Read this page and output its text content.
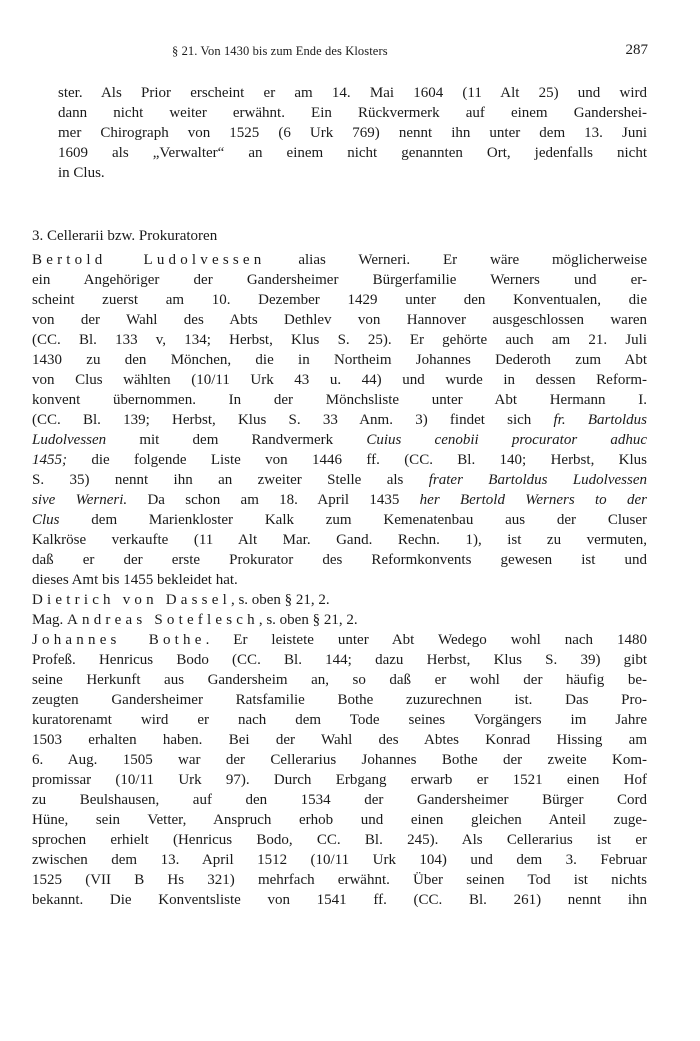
§ 21. Von 1430 bis zum Ende des Klosters	287
ster. Als Prior erscheint er am 14. Mai 1604 (11 Alt 25) und wird
dann nicht weiter erwähnt. Ein Rückvermerk auf einem Gandershei-
mer Chirograph von 1525 (6 Urk 769) nennt ihn unter dem 13. Juni
1609 als „Verwalter“ an einem nicht genannten Ort, jedenfalls nicht
in Clus.
3. Cellerarii bzw. Prokuratoren
Bertold Ludolvessen alias Werneri. Er wäre möglicherweise
ein Angehöriger der Gandersheimer Bürgerfamilie Werners und er-
scheint zuerst am 10. Dezember 1429 unter den Konventualen, die
von der Wahl des Abts Dethlev von Hannover ausgeschlossen waren
(CC. Bl. 133 v, 134; Herbst, Klus S. 25). Er gehörte auch am 21. Juli
1430 zu den Mönchen, die in Northeim Johannes Dederoth zum Abt
von Clus wählten (10/11 Urk 43 u. 44) und wurde in dessen Reform-
konvent übernommen. In der Mönchsliste unter Abt Hermann I.
(CC. Bl. 139; Herbst, Klus S. 33 Anm. 3) findet sich fr. Bartoldus
Ludolvessen mit dem Randvermerk Cuius cenobii procurator adhuc
1455; die folgende Liste von 1446 ff. (CC. Bl. 140; Herbst, Klus
S. 35) nennt ihn an zweiter Stelle als frater Bartoldus Ludolvessen
sive Werneri. Da schon am 18. April 1435 her Bertold Werners to der
Clus dem Marienkloster Kalk zum Kemenatenbau aus der Cluser
Kalkröse verkaufte (11 Alt Mar. Gand. Rechn. 1), ist zu vermuten,
daß er der erste Prokurator des Reformkonvents gewesen ist und
dieses Amt bis 1455 bekleidet hat.
Dietrich von Dassel, s. oben § 21, 2.
Mag. Andreas Soteflesch, s. oben § 21, 2.
Johannes Bothe. Er leistete unter Abt Wedego wohl nach 1480
Profeß. Henricus Bodo (CC. Bl. 144; dazu Herbst, Klus S. 39) gibt
seine Herkunft aus Gandersheim an, so daß er wohl der häufig be-
zeugten Gandersheimer Ratsfamilie Bothe zuzurechnen ist. Das Pro-
kuratorenamt wird er nach dem Tode seines Vorgängers im Jahre
1503 erhalten haben. Bei der Wahl des Abtes Konrad Hissing am
6. Aug. 1505 war der Cellerarius Johannes Bothe der zweite Kom-
promissar (10/11 Urk 97). Durch Erbgang erwarb er 1521 einen Hof
zu Beulshausen, auf den 1534 der Gandersheimer Bürger Cord
Hüne, sein Vetter, Anspruch erhob und einen gleichen Anteil zuge-
sprochen erhielt (Henricus Bodo, CC. Bl. 245). Als Cellerarius ist er
zwischen dem 13. April 1512 (10/11 Urk 104) und dem 3. Februar
1525 (VII B Hs 321) mehrfach erwähnt. Über seinen Tod ist nichts
bekannt. Die Konventsliste von 1541 ff. (CC. Bl. 261) nennt ihn
